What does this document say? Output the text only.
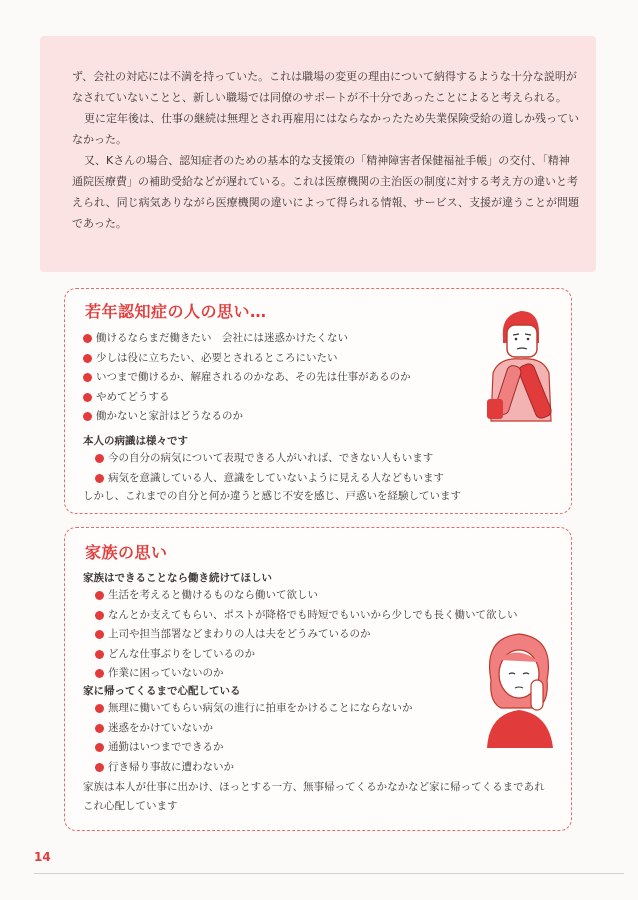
ず、会社の対応には不満を持っていた。これは職場の変更の理由について納得するような十分な説明がなされていないことと、新しい職場では同僚のサポートが不十分であったことによると考えられる。

更に定年後は、仕事の継続は無理とされ再雇用にはならなかったため失業保険受給の道しか残っていなかった。

又、Kさんの場合、認知症者のための基本的な支援策の「精神障害者保健福祉手帳」の交付、「精神通院医療費」の補助受給などが遅れている。これは医療機関の主治医の制度に対する考え方の違いと考えられ、同じ病気ありながら医療機関の違いによって得られる情報、サービス、支援が違うことが問題であった。

若年認知症の人の思い…
働けるならまだ働きたい　会社には迷惑かけたくない
少しは役に立ちたい、必要とされるところにいたい
いつまで働けるか、解雇されるのかなあ、その先は仕事があるのか
やめてどうする
働かないと家計はどうなるのか
本人の病識は様々です
今の自分の病気について表現できる人がいれば、できない人もいます
病気を意識している人、意識をしていないように見える人などもいます
しかし、これまでの自分と何か違うと感じ不安を感じ、戸惑いを経験しています
家族の思い
家族はできることなら働き続けてほしい
生活を考えると働けるものなら働いて欲しい
なんとか支えてもらい、ポストが降格でも時短でもいいから少しでも長く働いて欲しい
上司や担当部署などまわりの人は夫をどうみているのか
どんな仕事ぶりをしているのか
作業に困っていないのか
家に帰ってくるまで心配している
無理に働いてもらい病気の進行に拍車をかけることにならないか
迷惑をかけていないか
通勤はいつまでできるか
行き帰り事故に遭わないか
家族は本人が仕事に出かけ、ほっとする一方、無事帰ってくるかなかなど家に帰ってくるまであれこれ心配しています
14
